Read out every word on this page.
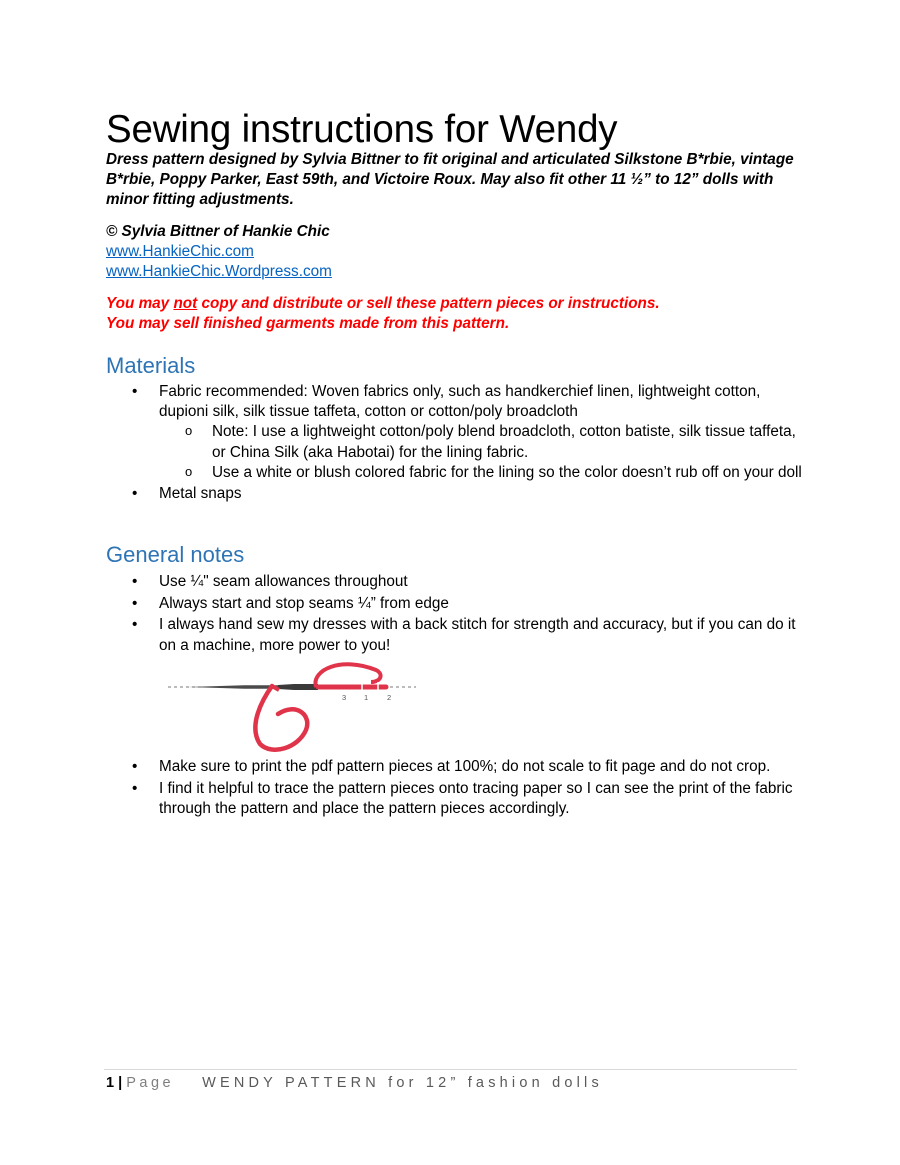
Sewing instructions for Wendy

Dress pattern designed by Sylvia Bittner to fit original and articulated Silkstone B*rbie, vintage B*rbie, Poppy Parker, East 59th, and Victoire Roux. May also fit other 11 ½” to 12” dolls with minor fitting adjustments.

© Sylvia Bittner of Hankie Chic
www.HankieChic.com
www.HankieChic.Wordpress.com
You may not copy and distribute or sell these pattern pieces or instructions.
You may sell finished garments made from this pattern.
Materials
• Fabric recommended: Woven fabrics only, such as handkerchief linen, lightweight cotton, dupioni silk, silk tissue taffeta, cotton or cotton/poly broadcloth
o Note: I use a lightweight cotton/poly blend broadcloth, cotton batiste, silk tissue taffeta, or China Silk (aka Habotai) for the lining fabric.
o Use a white or blush colored fabric for the lining so the color doesn’t rub off on your doll
• Metal snaps
General notes
• Use ¼" seam allowances throughout
• Always start and stop seams ¼” from edge
• I always hand sew my dresses with a back stitch for strength and accuracy, but if you can do it on a machine, more power to you!
3 1	2
• Make sure to print the pdf pattern pieces at 100%; do not scale to fit page and do not crop.
• I find it helpful to trace the pattern pieces onto tracing paper so I can see the print of the fabric through the pattern and place the pattern pieces accordingly.
1 | Page WENDY PATTERN for 12” fashion dolls
